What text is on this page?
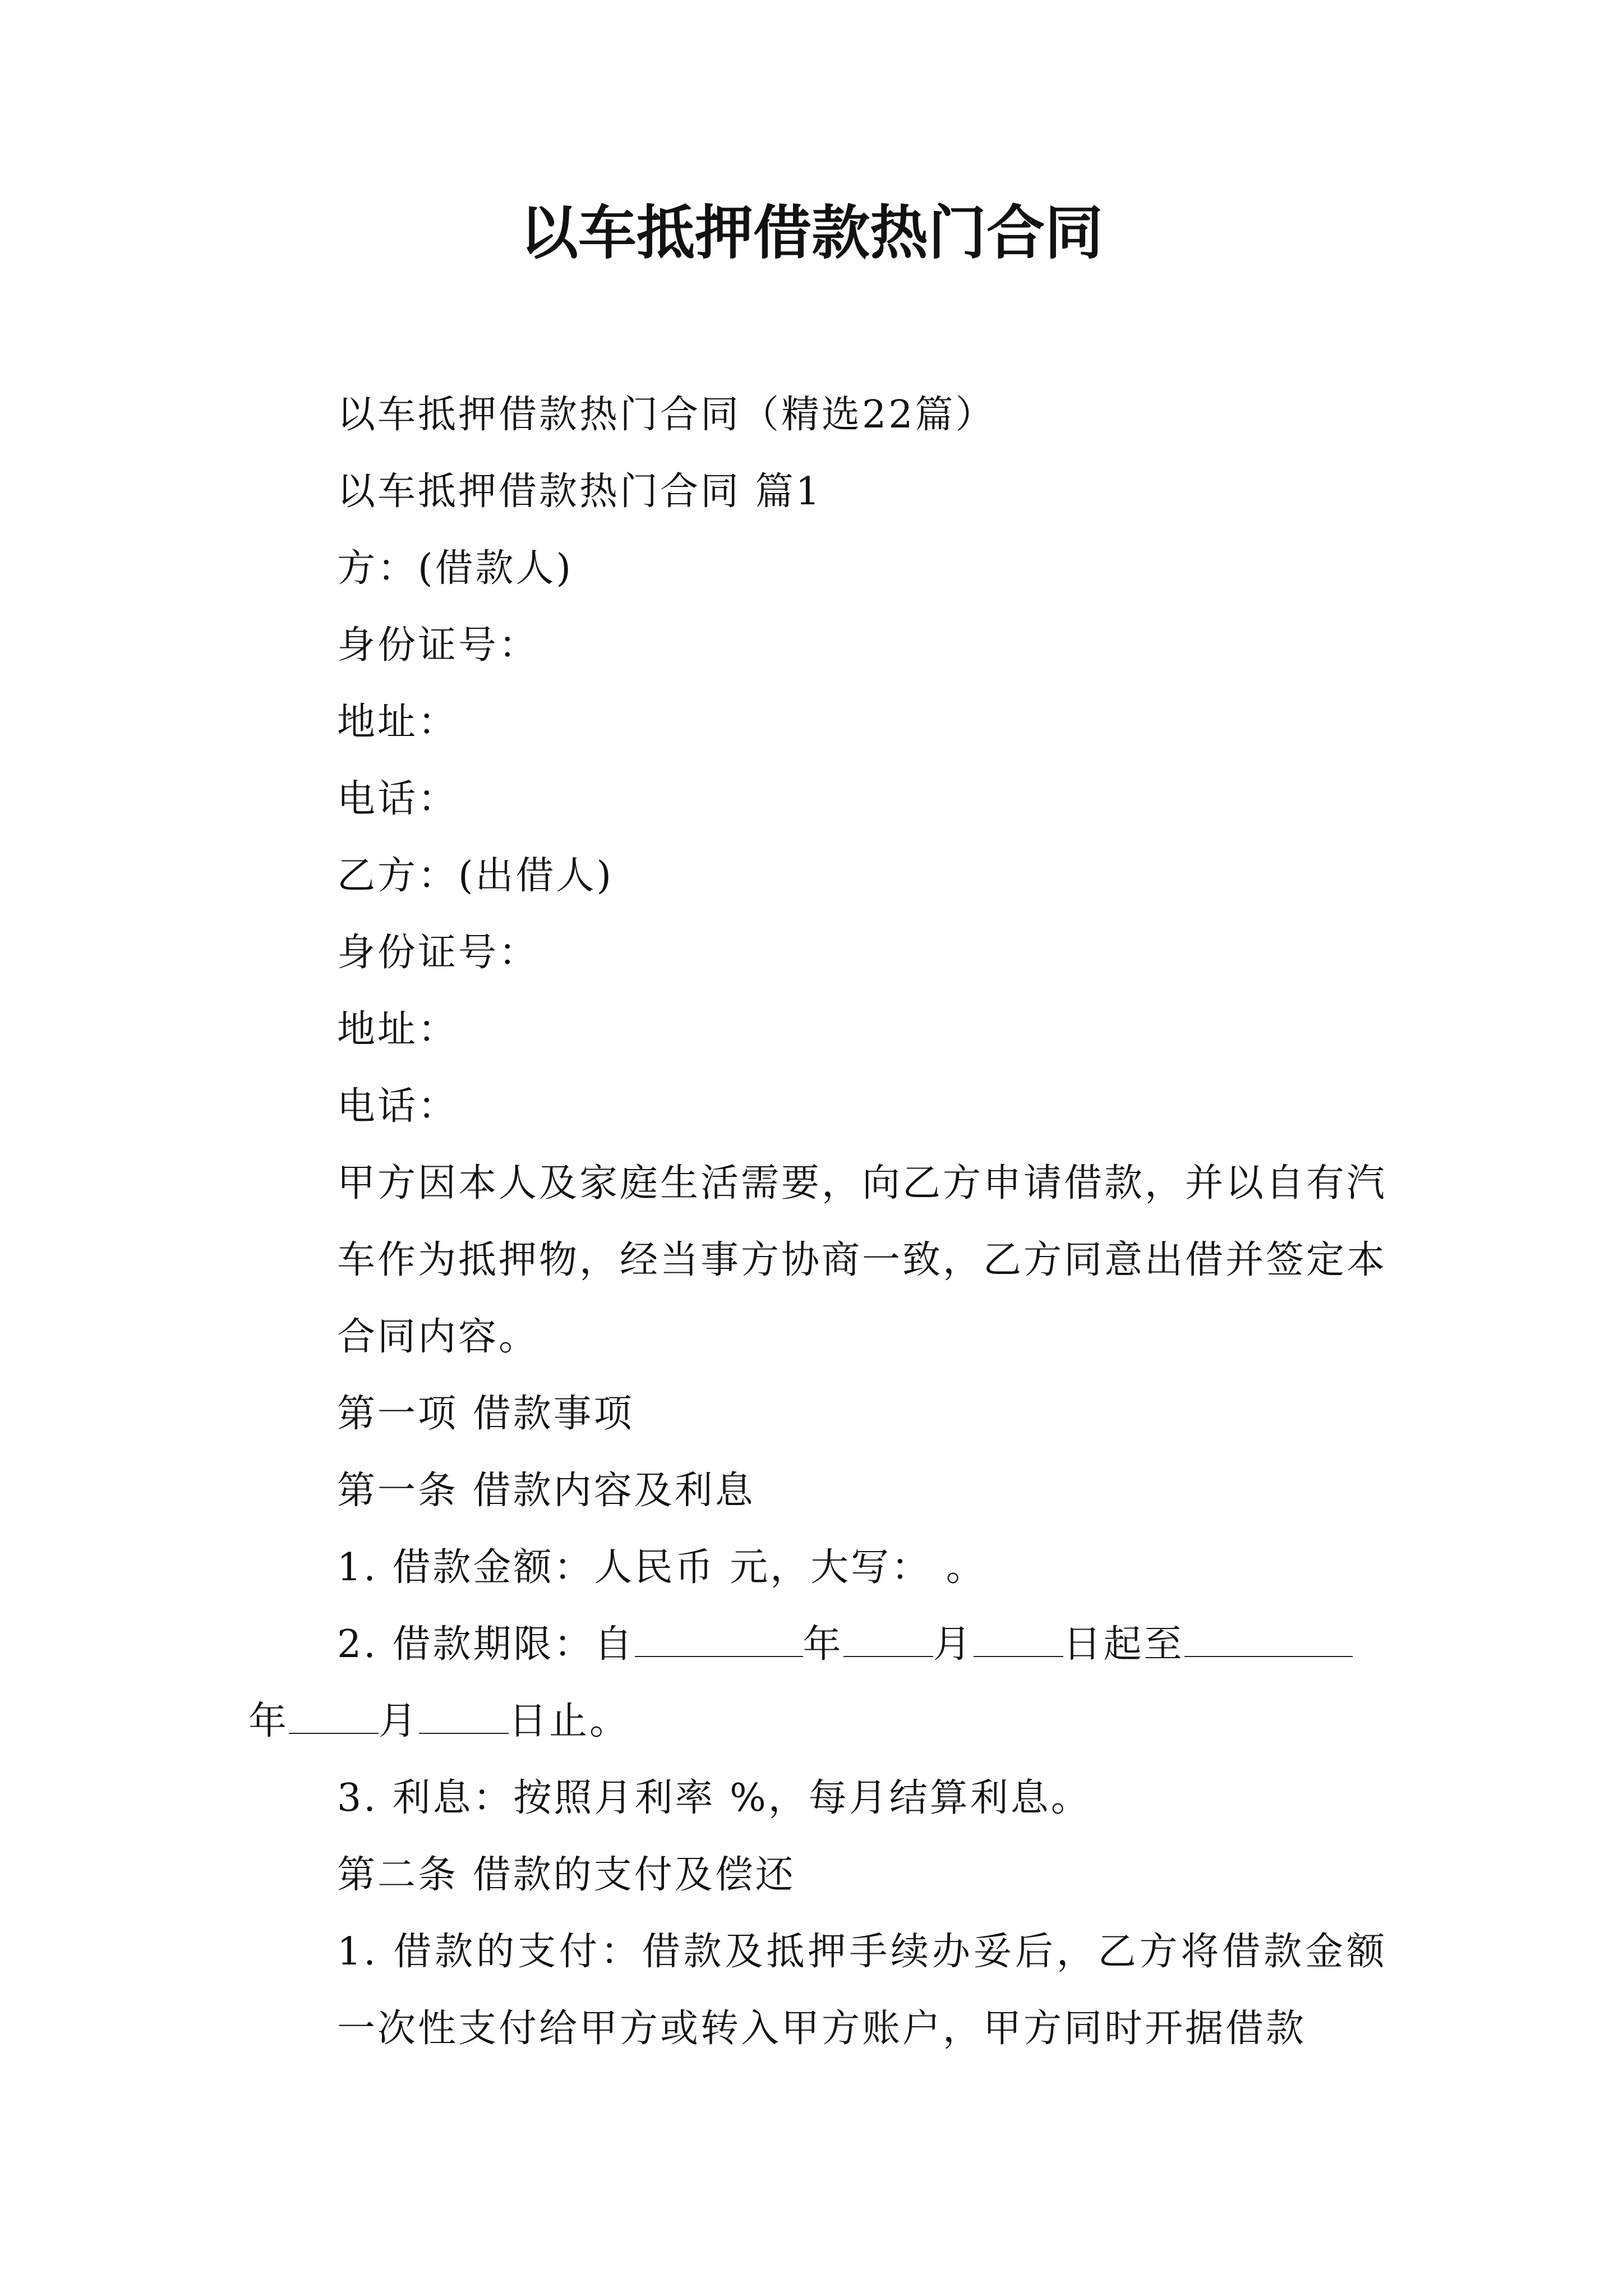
以车抵押借款热门合同

以车抵押借款热门合同（精选22篇）

以车抵押借款热门合同 篇1

方：(借款人)

身份证号：

地址：

电话：

乙方：(出借人)

身份证号：

地址：

电话：

甲方因本人及家庭生活需要，向乙方申请借款，并以自有汽车作为抵押物，经当事方协商一致，乙方同意出借并签定本合同内容。

第一项 借款事项

第一条 借款内容及利息

1. 借款金额：人民币 元，大写： 。

2. 借款期限：自	年 月 日起至

年 月 日止。

3. 利息：按照月利率 %，每月结算利息。

第二条 借款的支付及偿还

1. 借款的支付：借款及抵押手续办妥后，乙方将借款金额一次性支付给甲方或转入甲方账户，甲方同时开据借款
